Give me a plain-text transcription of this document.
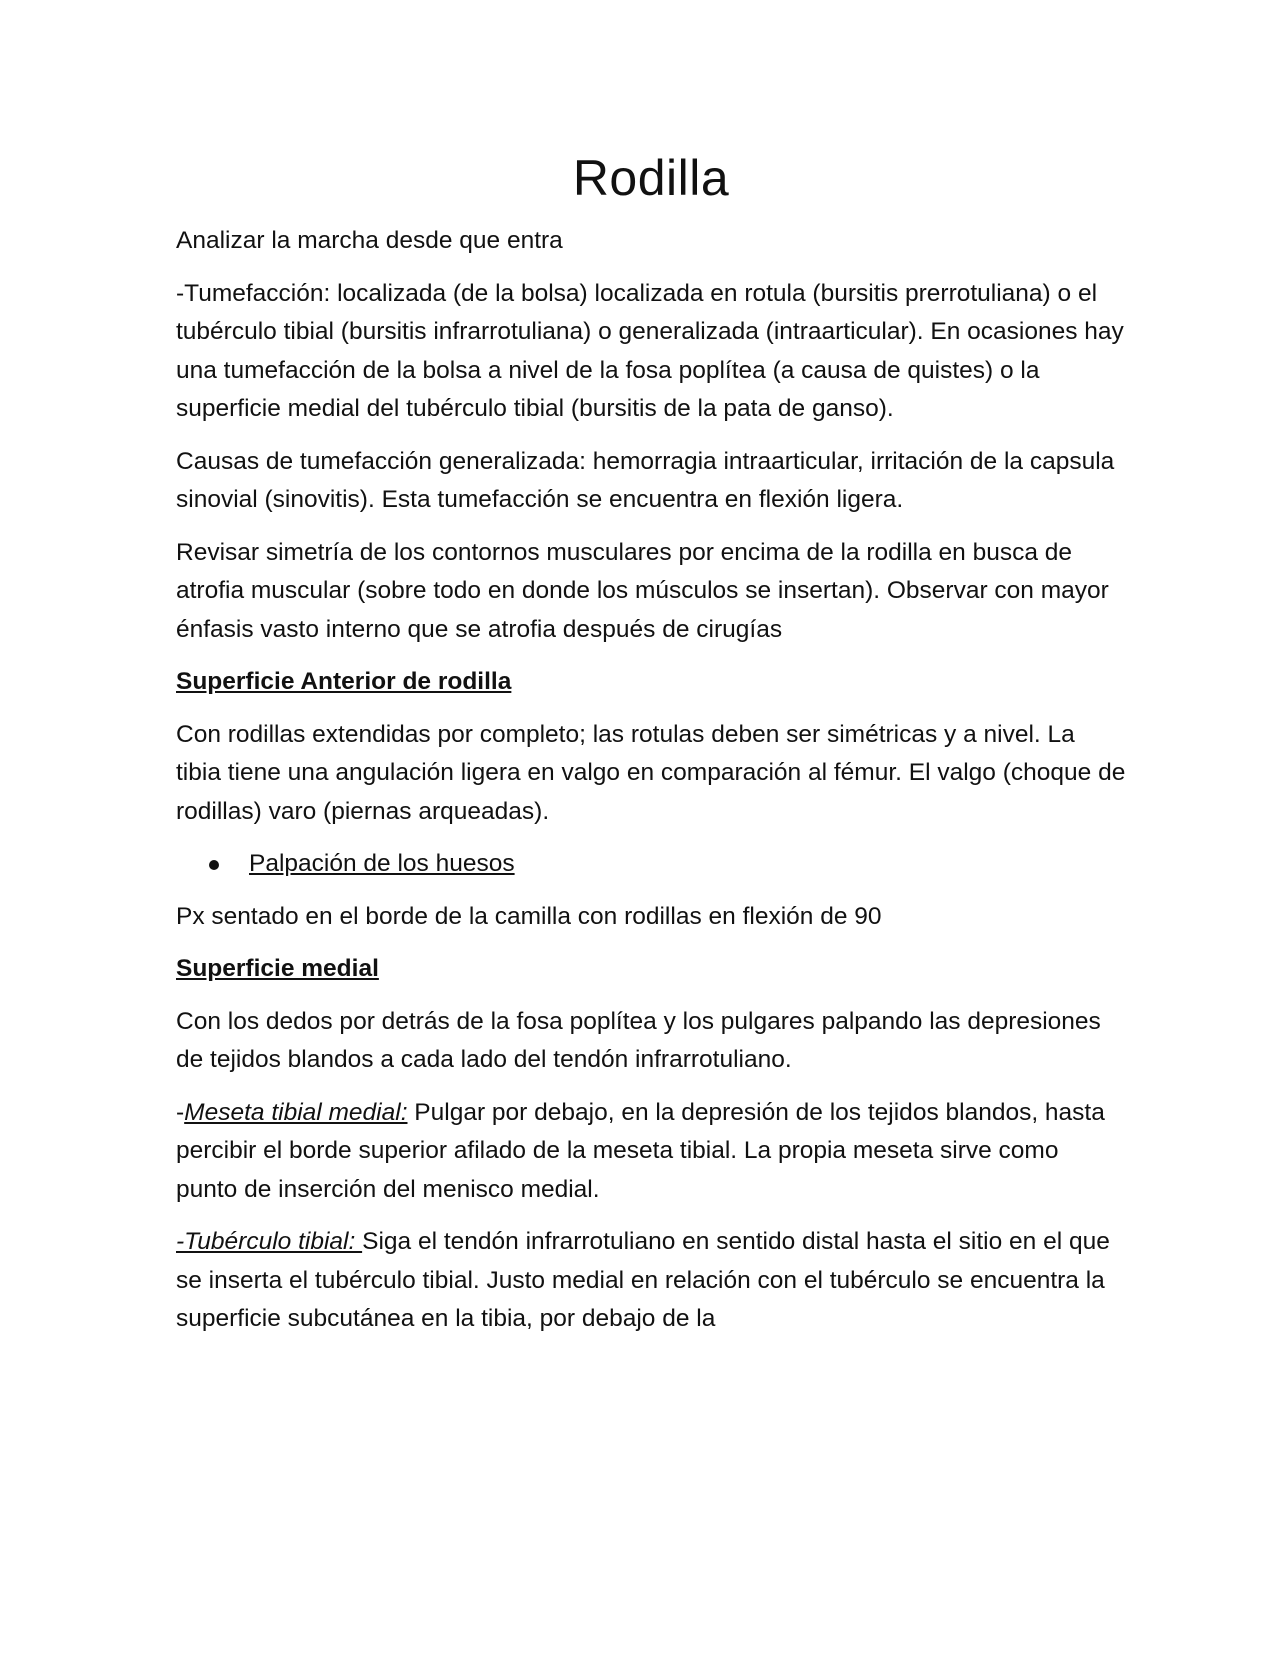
Rodilla

Analizar la marcha desde que entra

-Tumefacción: localizada (de la bolsa) localizada en rotula (bursitis prerrotuliana) o el tubérculo tibial (bursitis infrarrotuliana) o generalizada (intraarticular). En ocasiones hay una tumefacción de la bolsa a nivel de la fosa poplítea (a causa de quistes) o la superficie medial del tubérculo tibial (bursitis de la pata de ganso).

Causas de tumefacción generalizada: hemorragia intraarticular, irritación de la capsula sinovial (sinovitis). Esta tumefacción se encuentra en flexión ligera.

Revisar simetría de los contornos musculares por encima de la rodilla en busca de atrofia muscular (sobre todo en donde los músculos se insertan). Observar con mayor énfasis vasto interno que se atrofia después de cirugías

Superficie Anterior de rodilla

Con rodillas extendidas por completo; las rotulas deben ser simétricas y a nivel. La tibia tiene una angulación ligera en valgo en comparación al fémur. El valgo (choque de rodillas) varo (piernas arqueadas).

Palpación de los huesos

Px sentado en el borde de la camilla con rodillas en flexión de 90

Superficie medial

Con los dedos por detrás de la fosa poplítea y los pulgares palpando las depresiones de tejidos blandos a cada lado del tendón infrarrotuliano.

-Meseta tibial medial: Pulgar por debajo, en la depresión de los tejidos blandos, hasta percibir el borde superior afilado de la meseta tibial. La propia meseta sirve como punto de inserción del menisco medial.

-Tubérculo tibial: Siga el tendón infrarrotuliano en sentido distal hasta el sitio en el que se inserta el tubérculo tibial. Justo medial en relación con el tubérculo se encuentra la superficie subcutánea en la tibia, por debajo de la
